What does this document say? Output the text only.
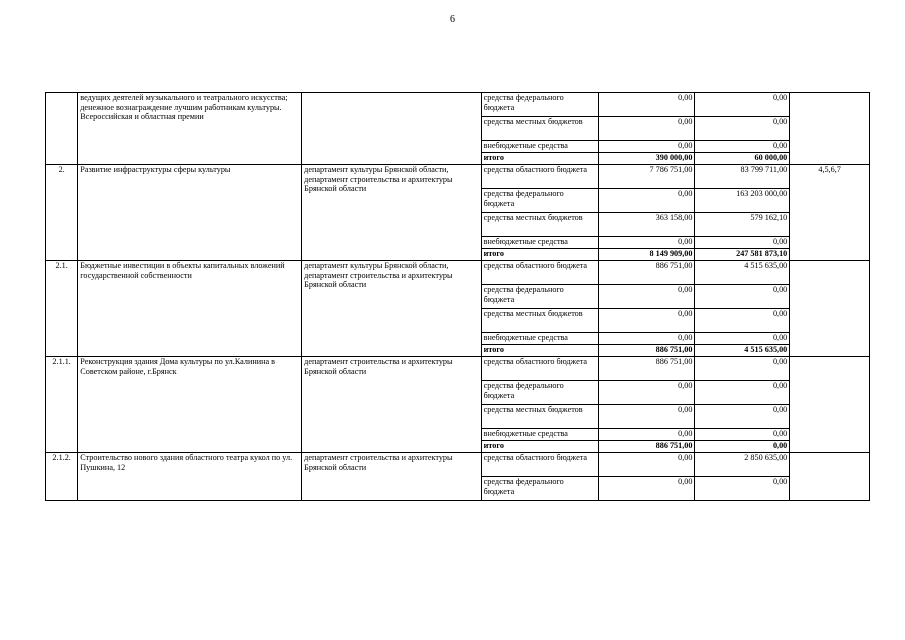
6
	ведущих деятелей музыкального и театрального искусства; денежное вознаграждение лучшим работникам культуры. Всероссийская и областная премии		средства федерального бюджета	0,00	0,00	
			средства местных бюджетов	0,00	0,00	
			внебюджетные средства	0,00	0,00	
			итого	390 000,00	60 000,00	
2.	Развитие инфраструктуры сферы культуры	департамент культуры Брянской области, департамент строительства и архитектуры Брянской области	средства областного бюджета	7 786 751,00	83 799 711,00	4,5,6,7
			средства федерального бюджета	0,00	163 203 000,00	
			средства местных бюджетов	363 158,00	579 162,10	
			внебюджетные средства	0,00	0,00	
			итого	8 149 909,00	247 581 873,10	
2.1.	Бюджетные инвестиции в объекты капитальных вложений государственной собственности	департамент культуры Брянской области, департамент строительства и архитектуры Брянской области	средства областного бюджета	886 751,00	4 515 635,00	
			средства федерального бюджета	0,00	0,00	
			средства местных бюджетов	0,00	0,00	
			внебюджетные средства	0,00	0,00	
			итого	886 751,00	4 515 635,00	
2.1.1.	Реконструкция здания Дома культуры по ул.Калинина в Советском районе, г.Брянск	департамент строительства и архитектуры Брянской области	средства областного бюджета	886 751,00	0,00	
			средства федерального бюджета	0,00	0,00	
			средства местных бюджетов	0,00	0,00	
			внебюджетные средства	0,00	0,00	
			итого	886 751,00	0,00	
2.1.2.	Строительство нового здания областного театра кукол по ул. Пушкина, 12	департамент строительства и архитектуры Брянской области	средства областного бюджета	0,00	2 850 635,00	
			средства федерального бюджета	0,00	0,00	
